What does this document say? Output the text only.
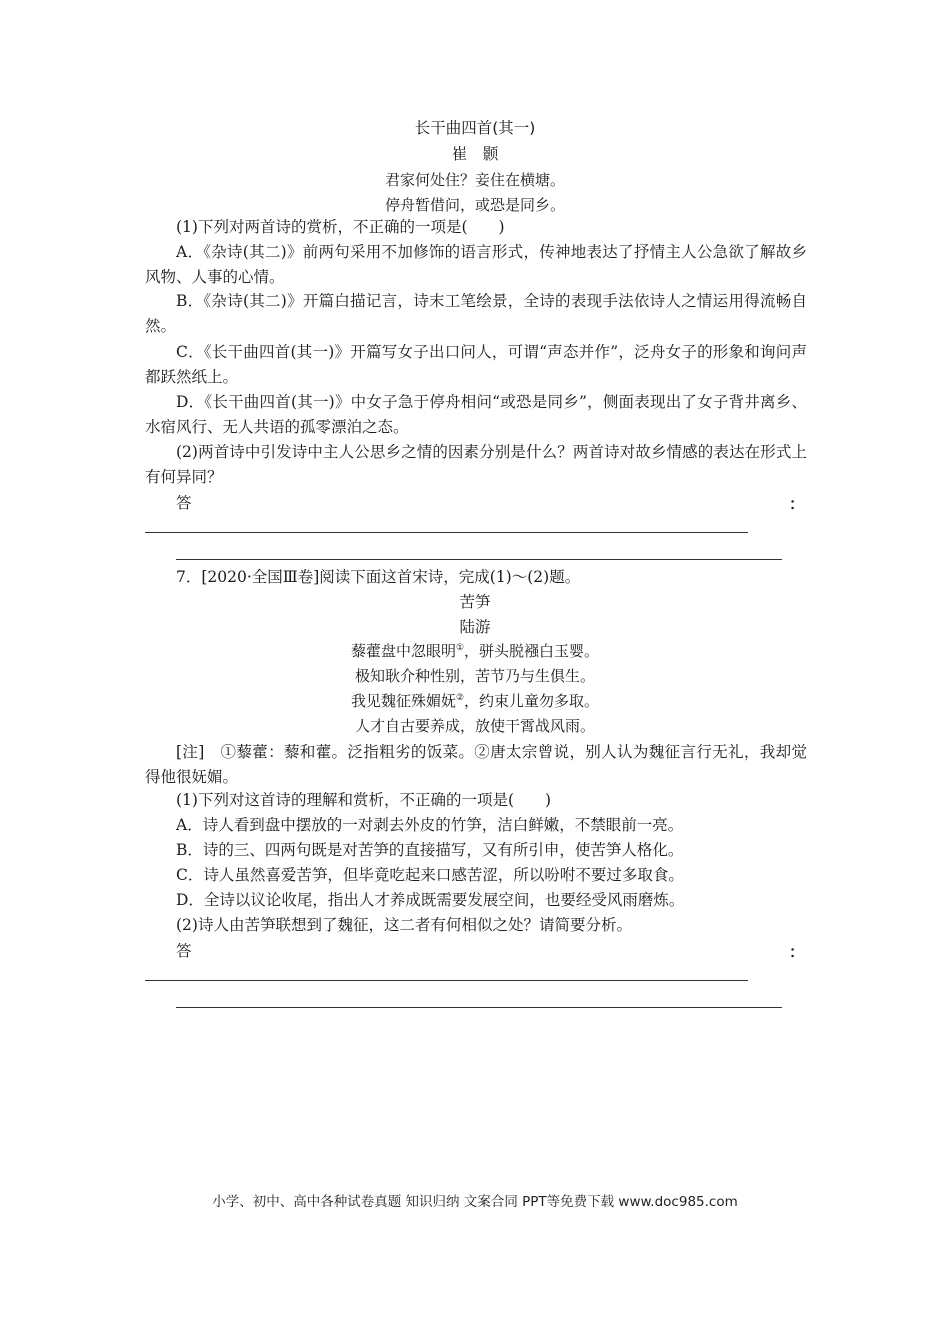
长干曲四首(其一)
崔　颢
君家何处住？妾住在横塘。
停舟暂借问，或恐是同乡。
(1)下列对两首诗的赏析，不正确的一项是(　　)
A．《杂诗(其二)》前两句采用不加修饰的语言形式，传神地表达了抒情主人公急欲了解故乡风物、人事的心情。
B．《杂诗(其二)》开篇白描记言，诗末工笔绘景，全诗的表现手法依诗人之情运用得流畅自然。
C．《长干曲四首(其一)》开篇写女子出口问人，可谓“声态并作”，泛舟女子的形象和询问声都跃然纸上。
D．《长干曲四首(其一)》中女子急于停舟相问“或恐是同乡”，侧面表现出了女子背井离乡、水宿风行、无人共语的孤零漂泊之态。
(2)两首诗中引发诗中主人公思乡之情的因素分别是什么？两首诗对故乡情感的表达在形式上有何异同？
答	：
7．[2020·全国Ⅲ卷]阅读下面这首宋诗，完成(1)～(2)题。
苦笋
陆游
藜藿盘中忽眼明①，骈头脱襁白玉婴。
极知耿介种性别，苦节乃与生俱生。
我见魏征殊媚妩②，约束儿童勿多取。
人才自古要养成，放使干霄战风雨。
[注]　①藜藿：藜和藿。泛指粗劣的饭菜。②唐太宗曾说，别人认为魏征言行无礼，我却觉得他很妩媚。
(1)下列对这首诗的理解和赏析，不正确的一项是(　　)
A．诗人看到盘中摆放的一对剥去外皮的竹笋，洁白鲜嫩，不禁眼前一亮。
B．诗的三、四两句既是对苦笋的直接描写，又有所引申，使苦笋人格化。
C．诗人虽然喜爱苦笋，但毕竟吃起来口感苦涩，所以吩咐不要过多取食。
D．全诗以议论收尾，指出人才养成既需要发展空间，也要经受风雨磨炼。
(2)诗人由苦笋联想到了魏征，这二者有何相似之处？请简要分析。
答	：
小学、初中、高中各种试卷真题 知识归纳 文案合同 PPT等免费下载 www.doc985.com
